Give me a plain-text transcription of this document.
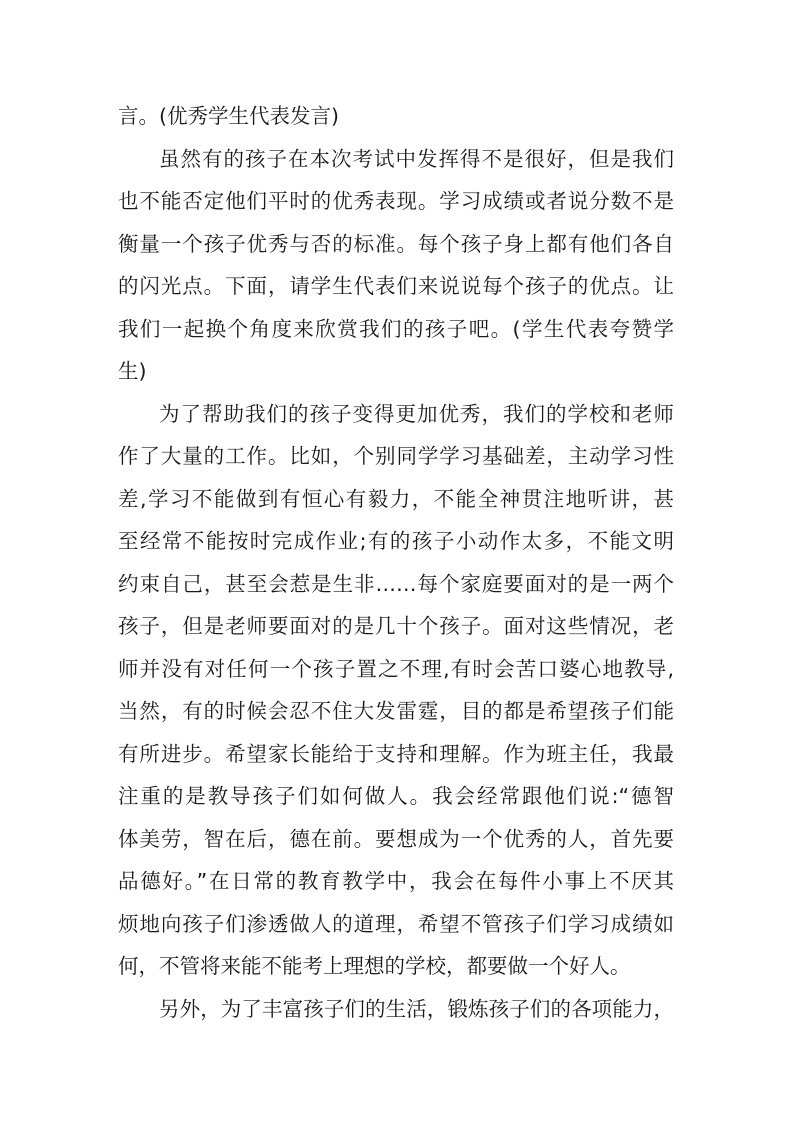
言。(优秀学生代表发言)
虽然有的孩子在本次考试中发挥得不是很好，但是我们
也不能否定他们平时的优秀表现。学习成绩或者说分数不是
衡量一个孩子优秀与否的标准。每个孩子身上都有他们各自
的闪光点。下面，请学生代表们来说说每个孩子的优点。让
我们一起换个角度来欣赏我们的孩子吧。(学生代表夸赞学
生)
为了帮助我们的孩子变得更加优秀，我们的学校和老师
作了大量的工作。比如，个别同学学习基础差，主动学习性
差,学习不能做到有恒心有毅力，不能全神贯注地听讲，甚
至经常不能按时完成作业;有的孩子小动作太多，不能文明
约束自己，甚至会惹是生非……每个家庭要面对的是一两个
孩子，但是老师要面对的是几十个孩子。面对这些情况，老
师并没有对任何一个孩子置之不理,有时会苦口婆心地教导,
当然，有的时候会忍不住大发雷霆，目的都是希望孩子们能
有所进步。希望家长能给于支持和理解。作为班主任，我最
注重的是教导孩子们如何做人。我会经常跟他们说:“德智
体美劳，智在后，德在前。要想成为一个优秀的人，首先要
品德好。”在日常的教育教学中，我会在每件小事上不厌其
烦地向孩子们渗透做人的道理，希望不管孩子们学习成绩如
何，不管将来能不能考上理想的学校，都要做一个好人。
另外，为了丰富孩子们的生活，锻炼孩子们的各项能力，
